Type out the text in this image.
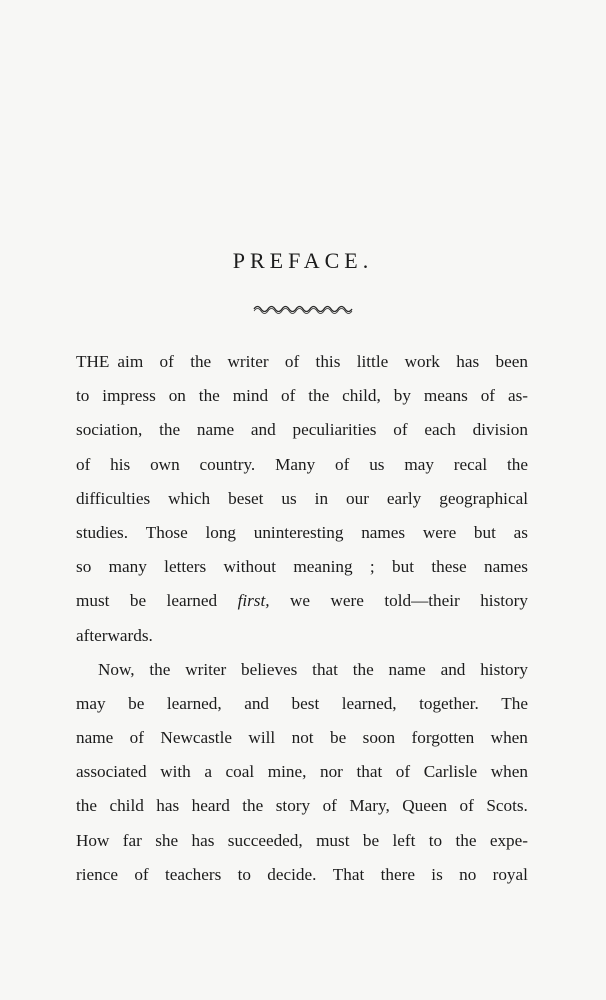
PREFACE.
THE aim of the writer of this little work has been
to impress on the mind of the child, by means of as-
sociation, the name and peculiarities of each division
of his own country. Many of us may recal the
difficulties which beset us in our early geographical
studies. Those long uninteresting names were but as
so many letters without meaning ; but these names
must be learned first, we were told—their history
afterwards.
Now, the writer believes that the name and history
may be learned, and best learned, together. The
name of Newcastle will not be soon forgotten when
associated with a coal mine, nor that of Carlisle when
the child has heard the story of Mary, Queen of Scots.
How far she has succeeded, must be left to the expe-
rience of teachers to decide. That there is no royal
